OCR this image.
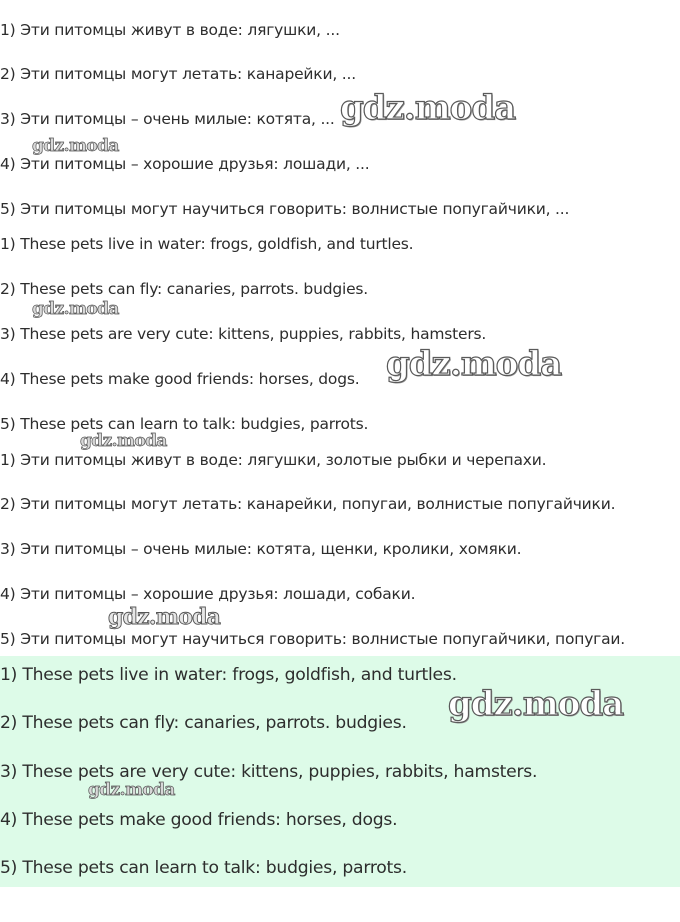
1) Эти питомцы живут в воде: лягушки, ...
2) Эти питомцы могут летать: канарейки, ...
3) Эти питомцы – очень милые: котята, ...
4) Эти питомцы – хорошие друзья: лошади, ...
5) Эти питомцы могут научиться говорить: волнистые попугайчики, ...
1) These pets live in water: frogs, goldfish, and turtles.
2) These pets can fly: canaries, parrots. budgies.
3) These pets are very cute: kittens, puppies, rabbits, hamsters.
4) These pets make good friends: horses, dogs.
5) These pets can learn to talk: budgies, parrots.
1) Эти питомцы живут в воде: лягушки, золотые рыбки и черепахи.
2) Эти питомцы могут летать: канарейки, попугаи, волнистые попугайчики.
3) Эти питомцы – очень милые: котята, щенки, кролики, хомяки.
4) Эти питомцы – хорошие друзья: лошади, собаки.
5) Эти питомцы могут научиться говорить: волнистые попугайчики, попугаи.
1) These pets live in water: frogs, goldfish, and turtles.
2) These pets can fly: canaries, parrots. budgies.
3) These pets are very cute: kittens, puppies, rabbits, hamsters.
4) These pets make good friends: horses, dogs.
5) These pets can learn to talk: budgies, parrots.
gdz.moda
gdz.moda
gdz.moda
gdz.moda
gdz.moda
gdz.moda
gdz.moda
gdz.moda
